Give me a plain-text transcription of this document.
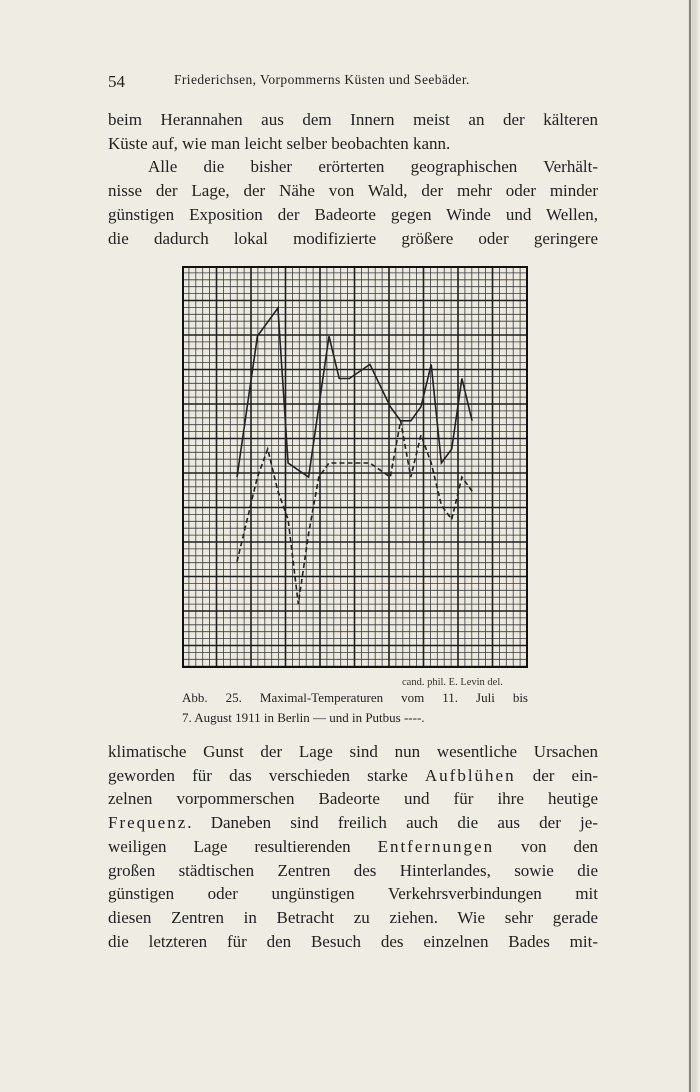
54	Friederichsen, Vorpommerns Küsten und Seebäder.

beim Herannahen aus dem Innern meist an der kälteren
Küste auf, wie man leicht selber beobachten kann.
Alle die bisher erörterten geographischen Verhält-
nisse der Lage, der Nähe von Wald, der mehr oder minder
günstigen Exposition der Badeorte gegen Winde und Wellen,
die dadurch lokal modifizierte größere oder geringere

cand. phil. E. Levin del.
Abb. 25. Maximal-Temperaturen vom 11. Juli bis
7. August 1911 in Berlin — und in Putbus ----.

klimatische Gunst der Lage sind nun wesentliche Ursachen
geworden für das verschieden starke Aufblühen der ein-
zelnen vorpommerschen Badeorte und für ihre heutige
Frequenz. Daneben sind freilich auch die aus der je-
weiligen Lage resultierenden Entfernungen von den
großen städtischen Zentren des Hinterlandes, sowie die
günstigen oder ungünstigen Verkehrsverbindungen mit
diesen Zentren in Betracht zu ziehen. Wie sehr gerade
die letzteren für den Besuch des einzelnen Bades mit-
